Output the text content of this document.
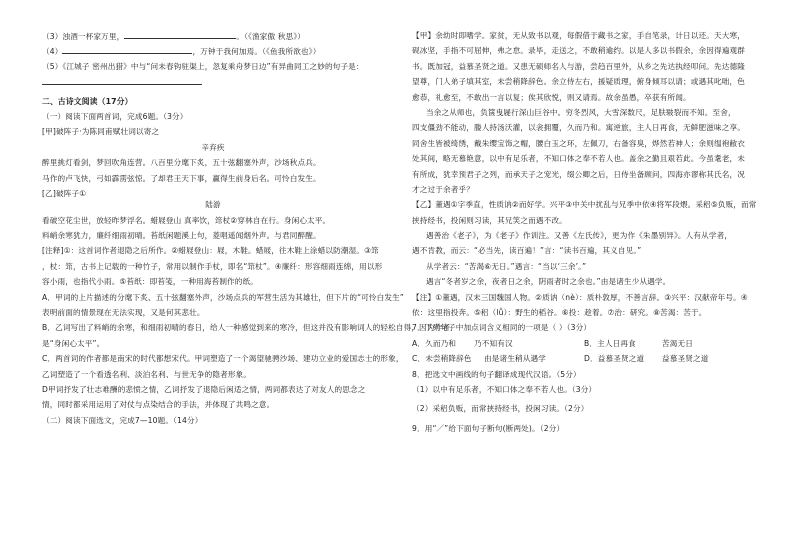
（3）浊酒一杯家万里，	。（《渔家傲 秋思》）
（4）	，万钟于我何加焉。（《鱼我所欲也》）
（5）《江城子 密州出猎》中与“问未春钩驻渠上，忽复乘舟梦日边”有异曲同工之妙的句子是：
二、古诗文阅读（17分）
（一）阅读下面两首词，完成6题。（3分）
[甲]破阵子·为陈同甫赋壮词以寄之
辛弃疾
醉里挑灯看剑，梦回吹角连营。八百里分麾下炙，五十弦翻塞外声，沙场秋点兵。
马作的卢飞快，弓如霹雳弦惊。了却君王天下事，赢得生前身后名。可怜白发生。
[乙]破阵子①
陆游
看破空花尘世，放轻昨梦浮名。蜡屐登山 真率饮，筇杖②穿林自在行。身闲心太平。
料峭余寒犹力，廉纤细雨初晴。苔纸闲题溪上句，菱唱遥闻烟外声。与君同醉醒。
[注释]①：这首词作者退隐之后所作。②蜡屐登山：屐，木鞋。蜡屐，往木鞋上涂蜡以防潮湿。③筇
，杖：筇，古书上记载的一种竹子，常用以制作手杖，即名“筇杖”。④廉纤：形容细雨连绵，用以形
容小雨，也指代小雨。⑤苔纸：即苔笺，一种用海苔制作的纸。
A．甲词的上片描述的分麾下炙、五十弦翻塞外声，沙场点兵的军营生活为其雄壮，但下片的“可怜白发生”
表明前面的情景现在无法实现，又是何其悲壮。
B．乙词写出了料峭的余寒，和细雨初晴的春日，给人一种感觉到来的寒冷，但这并没有影响词人的轻松自得，因为作者
是“身闲心太平”。
C．两首词的作者都是南宋的时代都想宋代。甲词塑造了一个渴望驰骋沙场、建功立业的爱国志士的形象，
乙词塑造了一个看透名利、淡泊名利、与世无争的隐者形象。
D甲词抒发了壮志难酬的悲愤之情，乙词抒发了退隐后闲适之情，两词都表达了对友人的思念之
情，同时都采用运用了对仗与点染结合的手法，并体现了共鸣之意。
（二）阅读下面选文，完成7—10题。（14分）
【甲】余幼时即嗜学。家贫，无从致书以观，每假借于藏书之家，手自笔录，计日以还。天大寒，
砚冰坚，手指不可屈伸，弗之怠。录毕，走送之，不敢稍逾约。以是人多以书假余，余因得遍观群
书。既加冠，益慕圣贤之道。又患无硕师名人与游，尝趋百里外，从乡之先达执经叩问。先达德隆
望尊，门人弟子填其室，未尝稍降辞色。余立侍左右，援疑质理，俯身倾耳以请；或遇其叱咄，色
愈恭，礼愈至，不敢出一言以复；俟其欣悦，则又请焉。故余虽愚，卒获有所闻。
当余之从师也，负箧曳屣行深山巨谷中。穷冬烈风，大雪深数尺，足肤皲裂而不知。至舍，
四支僵劲不能动，媵人持汤沃灌，以衾拥覆，久而乃和。寓逆旅，主人日再食，无鲜肥滋味之享。
同舍生皆被绮绣，戴朱缨宝饰之帽，腰白玉之环，左佩刀，右备容臭，烨然若神人；余则缊袍敝衣
处其间，略无慕艳意，以中有足乐者，不知口体之奉不若人也。盖余之勤且艰若此。今虽耄老，未
有所成，犹幸预君子之列，而承天子之宠光，缀公卿之后，日侍坐备顾问，四海亦谬称其氏名，况
才之过于余者乎？
【乙】董遇①字季直，性质讷②而好学。兴平③中关中扰乱与兄季中依④将军段煨。采稆⑤负贩，而常
挟持经书，投闲则习读，其兄笑之而遇不改。
遇善治《老子》，为《老子》作训注。又善《左氏传》，更为作《朱墨别异》。人有从学者，
遇不肯教，而云：“必当先，读百遍！”言：“读书百遍，其义自见。”
从学者云：“苦渴⑥无日。”遇言：“当以‘三余’。”
遇言“冬者岁之余，夜者日之余，阴雨者时之余也。”由是诸生少从遇学。
【注】①董遇，汉末三国魏国人物。②质讷（nè）：质朴敦厚，不善言辞。③兴平：汉献帝年号。④
依：这里指投奔。⑤稆（lǚ）：野生的稻谷。⑥投：趁着。⑦治：研究。⑧苦渴：苦于。
7．下列句子中加点词含义相同的一项是（ ）（3分）
A．久而乃和	乃不知有汉	B．主人日再食	苦渴无日
C．未尝稍降辞色	由是诸生稍从遇学	D．益慕圣贤之道	益慕圣贤之道
8．把选文中画线的句子翻译成现代汉语。（5分）
（1）以中有足乐者，不知口体之奉不若人也。（3分）
（2）采稆负贩，而常挟持经书，投闲习读。（2分）
9．用“／”给下面句子断句(断两处)。（2分）
